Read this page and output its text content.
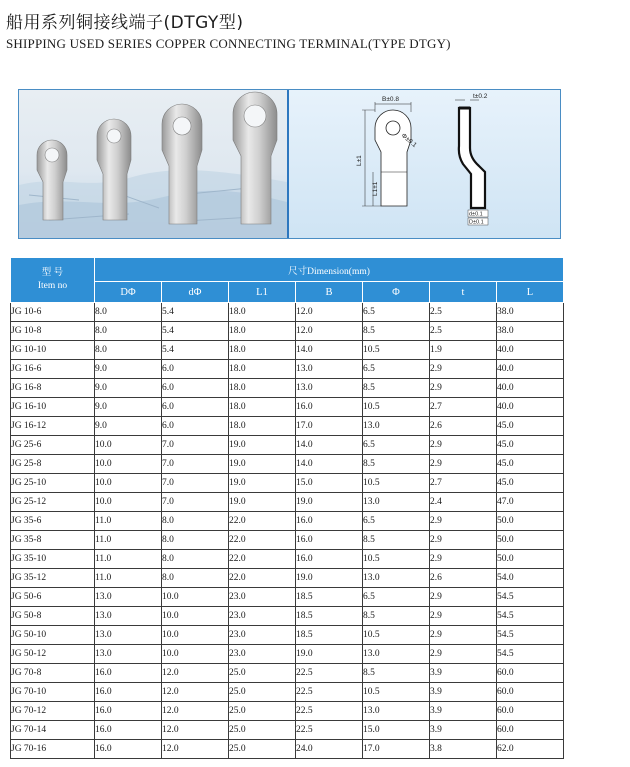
船用系列铜接线端子(DTGY型)
SHIPPING USED SERIES COPPER CONNECTING TERMINAL(TYPE DTGY)
B±0.8
Φ±0.1
L±1
L1±1
t±0.2
d±0.1
D±0.1
型 号
Item no	尺寸Dimension(mm)						
	DΦ	dΦ	L1	B	Φ	t	L
JG 10-6	8.0	5.4	18.0	12.0	6.5	2.5	38.0
JG 10-8	8.0	5.4	18.0	12.0	8.5	2.5	38.0
JG 10-10	8.0	5.4	18.0	14.0	10.5	1.9	40.0
JG 16-6	9.0	6.0	18.0	13.0	6.5	2.9	40.0
JG 16-8	9.0	6.0	18.0	13.0	8.5	2.9	40.0
JG 16-10	9.0	6.0	18.0	16.0	10.5	2.7	40.0
JG 16-12	9.0	6.0	18.0	17.0	13.0	2.6	45.0
JG 25-6	10.0	7.0	19.0	14.0	6.5	2.9	45.0
JG 25-8	10.0	7.0	19.0	14.0	8.5	2.9	45.0
JG 25-10	10.0	7.0	19.0	15.0	10.5	2.7	45.0
JG 25-12	10.0	7.0	19.0	19.0	13.0	2.4	47.0
JG 35-6	11.0	8.0	22.0	16.0	6.5	2.9	50.0
JG 35-8	11.0	8.0	22.0	16.0	8.5	2.9	50.0
JG 35-10	11.0	8.0	22.0	16.0	10.5	2.9	50.0
JG 35-12	11.0	8.0	22.0	19.0	13.0	2.6	54.0
JG 50-6	13.0	10.0	23.0	18.5	6.5	2.9	54.5
JG 50-8	13.0	10.0	23.0	18.5	8.5	2.9	54.5
JG 50-10	13.0	10.0	23.0	18.5	10.5	2.9	54.5
JG 50-12	13.0	10.0	23.0	19.0	13.0	2.9	54.5
JG 70-8	16.0	12.0	25.0	22.5	8.5	3.9	60.0
JG 70-10	16.0	12.0	25.0	22.5	10.5	3.9	60.0
JG 70-12	16.0	12.0	25.0	22.5	13.0	3.9	60.0
JG 70-14	16.0	12.0	25.0	22.5	15.0	3.9	60.0
JG 70-16	16.0	12.0	25.0	24.0	17.0	3.8	62.0
